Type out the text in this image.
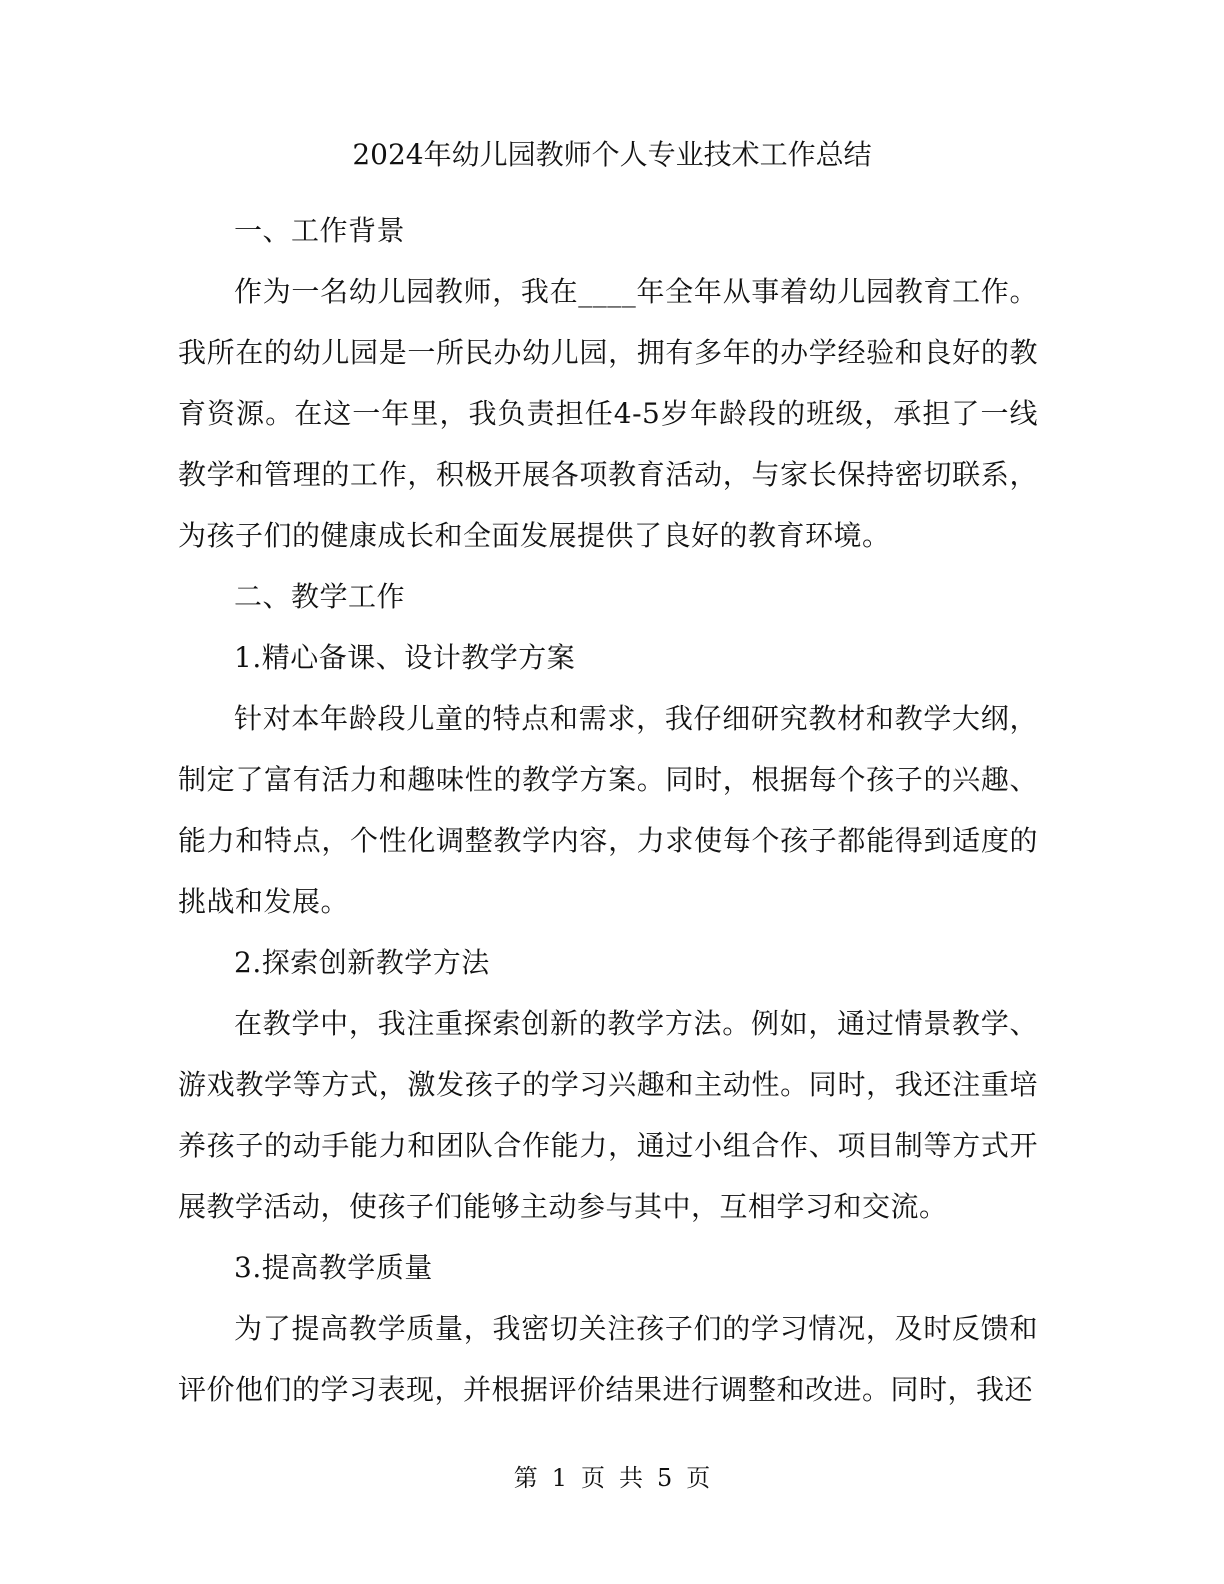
2024年幼儿园教师个人专业技术工作总结

一、工作背景

作为一名幼儿园教师，我在____年全年从事着幼儿园教育工作。我所在的幼儿园是一所民办幼儿园，拥有多年的办学经验和良好的教育资源。在这一年里，我负责担任4-5岁年龄段的班级，承担了一线教学和管理的工作，积极开展各项教育活动，与家长保持密切联系，为孩子们的健康成长和全面发展提供了良好的教育环境。

二、教学工作

1.精心备课、设计教学方案

针对本年龄段儿童的特点和需求，我仔细研究教材和教学大纲，制定了富有活力和趣味性的教学方案。同时，根据每个孩子的兴趣、能力和特点，个性化调整教学内容，力求使每个孩子都能得到适度的挑战和发展。

2.探索创新教学方法

在教学中，我注重探索创新的教学方法。例如，通过情景教学、游戏教学等方式，激发孩子的学习兴趣和主动性。同时，我还注重培养孩子的动手能力和团队合作能力，通过小组合作、项目制等方式开展教学活动，使孩子们能够主动参与其中，互相学习和交流。

3.提高教学质量

为了提高教学质量，我密切关注孩子们的学习情况，及时反馈和评价他们的学习表现，并根据评价结果进行调整和改进。同时，我还

第 1 页 共 5 页
